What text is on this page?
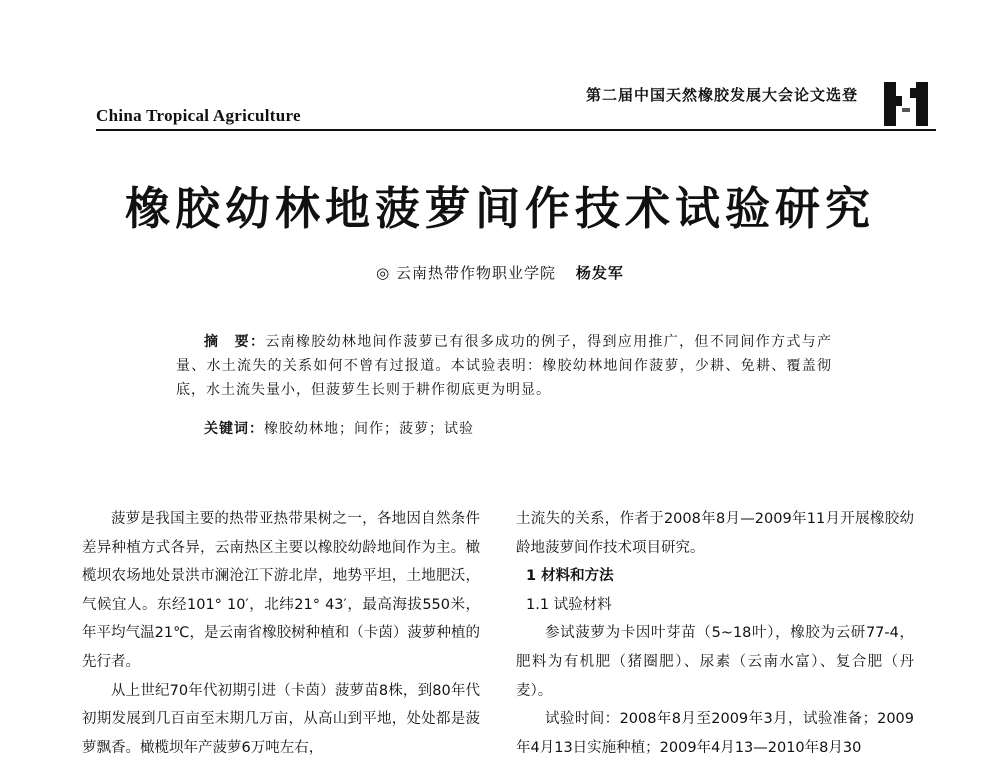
China Tropical Agriculture
第二届中国天然橡胶发展大会论文选登
橡胶幼林地菠萝间作技术试验研究
◎ 云南热带作物职业学院 杨发军
摘　要：云南橡胶幼林地间作菠萝已有很多成功的例子，得到应用推广，但不同间作方式与产量、水土流失的关系如何不曾有过报道。本试验表明：橡胶幼林地间作菠萝，少耕、免耕、覆盖彻底，水土流失量小，但菠萝生长则于耕作彻底更为明显。
关键词：橡胶幼林地；间作；菠萝；试验

菠萝是我国主要的热带亚热带果树之一，各地因自然条件差异种植方式各异，云南热区主要以橡胶幼龄地间作为主。橄榄坝农场地处景洪市澜沧江下游北岸，地势平坦，土地肥沃，气候宜人。东经101° 10′，北纬21° 43′，最高海拔550米，年平均气温21℃，是云南省橡胶树种植和（卡茵）菠萝种植的先行者。

从上世纪70年代初期引进（卡茵）菠萝苗8株，到80年代初期发展到几百亩至末期几万亩，从高山到平地，处处都是菠萝飘香。橄榄坝年产菠萝6万吨左右，

土流失的关系，作者于2008年8月—2009年11月开展橡胶幼龄地菠萝间作技术项目研究。

1 材料和方法

1.1 试验材料

参试菠萝为卡因叶芽苗（5~18叶），橡胶为云研77-4，肥料为有机肥（猪圈肥）、尿素（云南水富）、复合肥（丹麦）。

试验时间：2008年8月至2009年3月，试验准备；2009年4月13日实施种植；2009年4月13—2010年8月30
